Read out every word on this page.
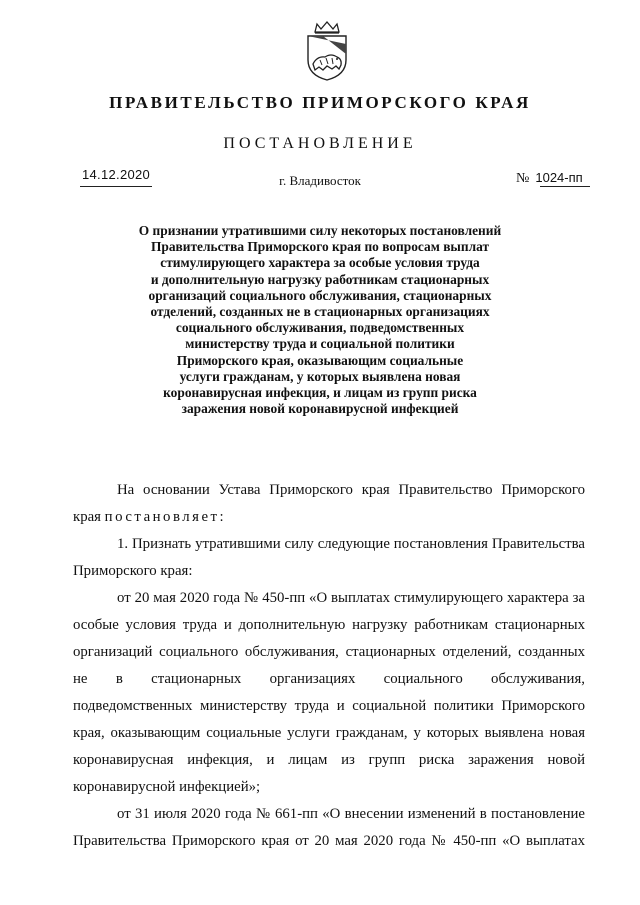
ПРАВИТЕЛЬСТВО ПРИМОРСКОГО КРАЯ
ПОСТАНОВЛЕНИЕ
14.12.2020	г. Владивосток	№ 1024-пп
О признании утратившими силу некоторых постановлений
Правительства Приморского края по вопросам выплат
стимулирующего характера за особые условия труда
и дополнительную нагрузку работникам стационарных
организаций социального обслуживания, стационарных
отделений, созданных не в стационарных организациях
социального обслуживания, подведомственных
министерству труда и социальной политики
Приморского края, оказывающим социальные
услуги гражданам, у которых выявлена новая
коронавирусная инфекция, и лицам из групп риска
заражения новой коронавирусной инфекцией
На основании Устава Приморского края Правительство Приморского
края постановляет:
1. Признать утратившими силу следующие постановления Правительства
Приморского края:
от 20 мая 2020 года № 450-пп «О выплатах стимулирующего характера за
особые условия труда и дополнительную нагрузку работникам стационарных
организаций социального обслуживания, стационарных отделений, созданных
не в стационарных организациях социального обслуживания,
подведомственных министерству труда и социальной политики Приморского
края, оказывающим социальные услуги гражданам, у которых выявлена новая
коронавирусная инфекция, и лицам из групп риска заражения новой
коронавирусной инфекцией»;
от 31 июля 2020 года № 661-пп «О внесении изменений в постановление
Правительства Приморского края от 20 мая 2020 года № 450-пп «О выплатах
